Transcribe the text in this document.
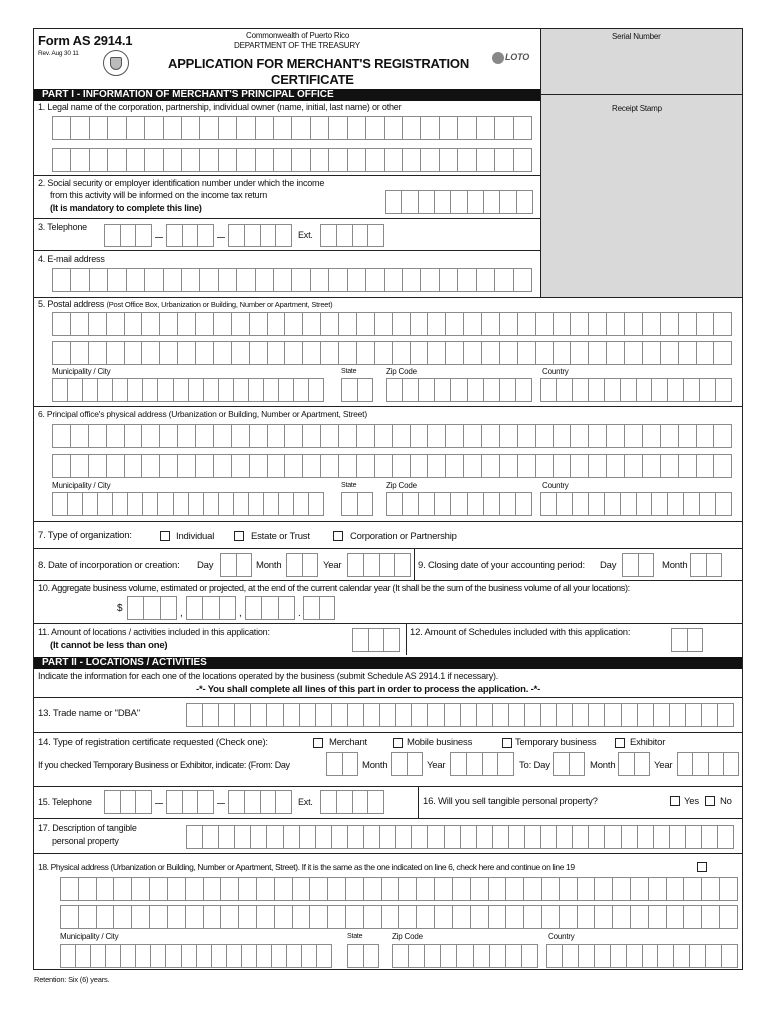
Form AS 2914.1
Rev. Aug 30 11
Commonwealth of Puerto Rico
DEPARTMENT OF THE TREASURY
APPLICATION FOR MERCHANT'S REGISTRATION
CERTIFICATE
LOTO
Serial Number
Receipt Stamp
PART I - INFORMATION OF MERCHANT'S PRINCIPAL OFFICE
1. Legal name of the corporation, partnership, individual owner (name, initial, last name) or other
2. Social security or employer identification number under which the income
from this activity will be informed on the income tax return
(It is mandatory to complete this line)
3. Telephone
Ext.
4. E-mail address
5. Postal address (Post Office Box, Urbanization or Building, Number or Apartment, Street)
Municipality / City	State	Zip Code	Country
6. Principal office's physical address (Urbanization or Building, Number or Apartment, Street)
Municipality / City	State	Zip Code	Country
7. Type of organization:	Individual	Estate or Trust	Corporation or Partnership
8. Date of incorporation or creation: Day	Month	Year	9. Closing date of your accounting period: Day	Month
10. Aggregate business volume, estimated or projected, at the end of the current calendar year (It shall be the sum of the business volume of all your locations):
$	,	,	.
11. Amount of locations / activities included in this application:
(It cannot be less than one)
12. Amount of Schedules included with this application:
PART II - LOCATIONS / ACTIVITIES
Indicate the information for each one of the locations operated by the business (submit Schedule AS 2914.1 if necessary).
-*- You shall complete all lines of this part in order to process the application. -*-
13. Trade name or "DBA"
14. Type of registration certificate requested (Check one):	Merchant	Mobile business	Temporary business	Exhibitor
If you checked Temporary Business or Exhibitor, indicate: (From: Day	Month	Year	To: Day	Month	Year
15. Telephone	Ext.	16. Will you sell tangible personal property?	Yes No
17. Description of tangible
personal property
18. Physical address (Urbanization or Building, Number or Apartment, Street). If it is the same as the one indicated on line 6, check here and continue on line 19
Municipality / City	State	Zip Code	Country
Retention: Six (6) years.
